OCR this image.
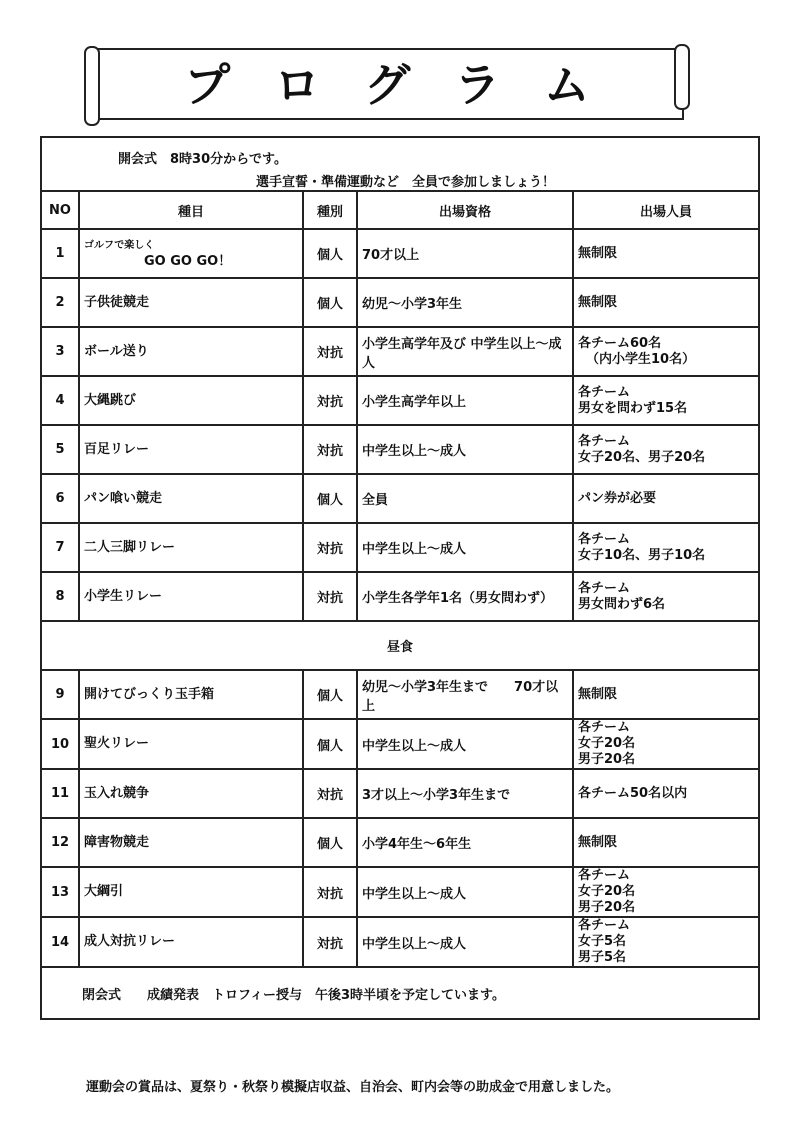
プログラム
開会式　8時30分からです。
選手宣誓・準備運動など　全員で参加しましょう！				

NO	種目	種別	出場資格	出場人員
1	ゴルフで楽しく
GO GO GO！	個人	70才以上	無制限

2	子供徒競走	個人	幼児～小学3年生	無制限

3	ボール送り	対抗	小学生高学年及び 中学生以上～成人	各チーム60名
（内小学生10名）

4	大縄跳び	対抗	小学生高学年以上	各チーム
男女を問わず15名

5	百足リレー	対抗	中学生以上～成人	各チーム
女子20名、男子20名

6	パン喰い競走	個人	全員	パン券が必要

7	二人三脚リレー	対抗	中学生以上～成人	各チーム
女子10名、男子10名

8	小学生リレー	対抗	小学生各学年1名（男女問わず）	各チーム
男女問わず6名

昼食				
9	開けてびっくり玉手箱	個人	幼児～小学3年生まで　　70才以上	無制限

10	聖火リレー	個人	中学生以上～成人	各チーム
女子20名
男子20名

11	玉入れ競争	対抗	3才以上～小学3年生まで	各チーム50名以内

12	障害物競走	個人	小学4年生～6年生	無制限

13	大綱引	対抗	中学生以上～成人	各チーム
女子20名
男子20名

14	成人対抗リレー	対抗	中学生以上～成人	各チーム
女子5名
男子5名

閉会式　　成績発表　トロフィー授与　午後3時半頃を予定しています。				
運動会の賞品は、夏祭り・秋祭り模擬店収益、自治会、町内会等の助成金で用意しました。
